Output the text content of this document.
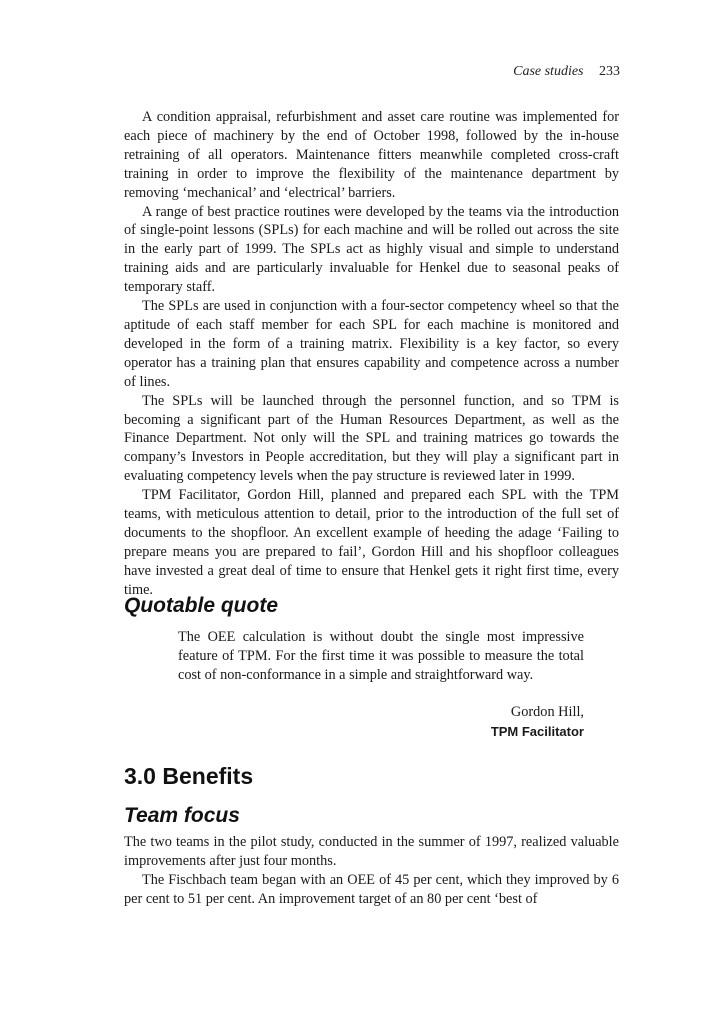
Case studies 233

A condition appraisal, refurbishment and asset care routine was implemented for each piece of machinery by the end of October 1998, followed by the in-house retraining of all operators. Maintenance fitters meanwhile completed cross-craft training in order to improve the flexibility of the maintenance department by removing ‘mechanical’ and ‘electrical’ barriers.

A range of best practice routines were developed by the teams via the introduction of single-point lessons (SPLs) for each machine and will be rolled out across the site in the early part of 1999. The SPLs act as highly visual and simple to understand training aids and are particularly invaluable for Henkel due to seasonal peaks of temporary staff.

The SPLs are used in conjunction with a four-sector competency wheel so that the aptitude of each staff member for each SPL for each machine is monitored and developed in the form of a training matrix. Flexibility is a key factor, so every operator has a training plan that ensures capability and competence across a number of lines.

The SPLs will be launched through the personnel function, and so TPM is becoming a significant part of the Human Resources Department, as well as the Finance Department. Not only will the SPL and training matrices go towards the company’s Investors in People accreditation, but they will play a significant part in evaluating competency levels when the pay structure is reviewed later in 1999.

TPM Facilitator, Gordon Hill, planned and prepared each SPL with the TPM teams, with meticulous attention to detail, prior to the introduction of the full set of documents to the shopfloor. An excellent example of heeding the adage ‘Failing to prepare means you are prepared to fail’, Gordon Hill and his shopfloor colleagues have invested a great deal of time to ensure that Henkel gets it right first time, every time.

Quotable quote

The OEE calculation is without doubt the single most impressive feature of TPM. For the first time it was possible to measure the total cost of non-conformance in a simple and straightforward way.

Gordon Hill,
TPM Facilitator
3.0 Benefits
Team focus

The two teams in the pilot study, conducted in the summer of 1997, realized valuable improvements after just four months.

The Fischbach team began with an OEE of 45 per cent, which they improved by 6 per cent to 51 per cent. An improvement target of an 80 per cent ‘best of
